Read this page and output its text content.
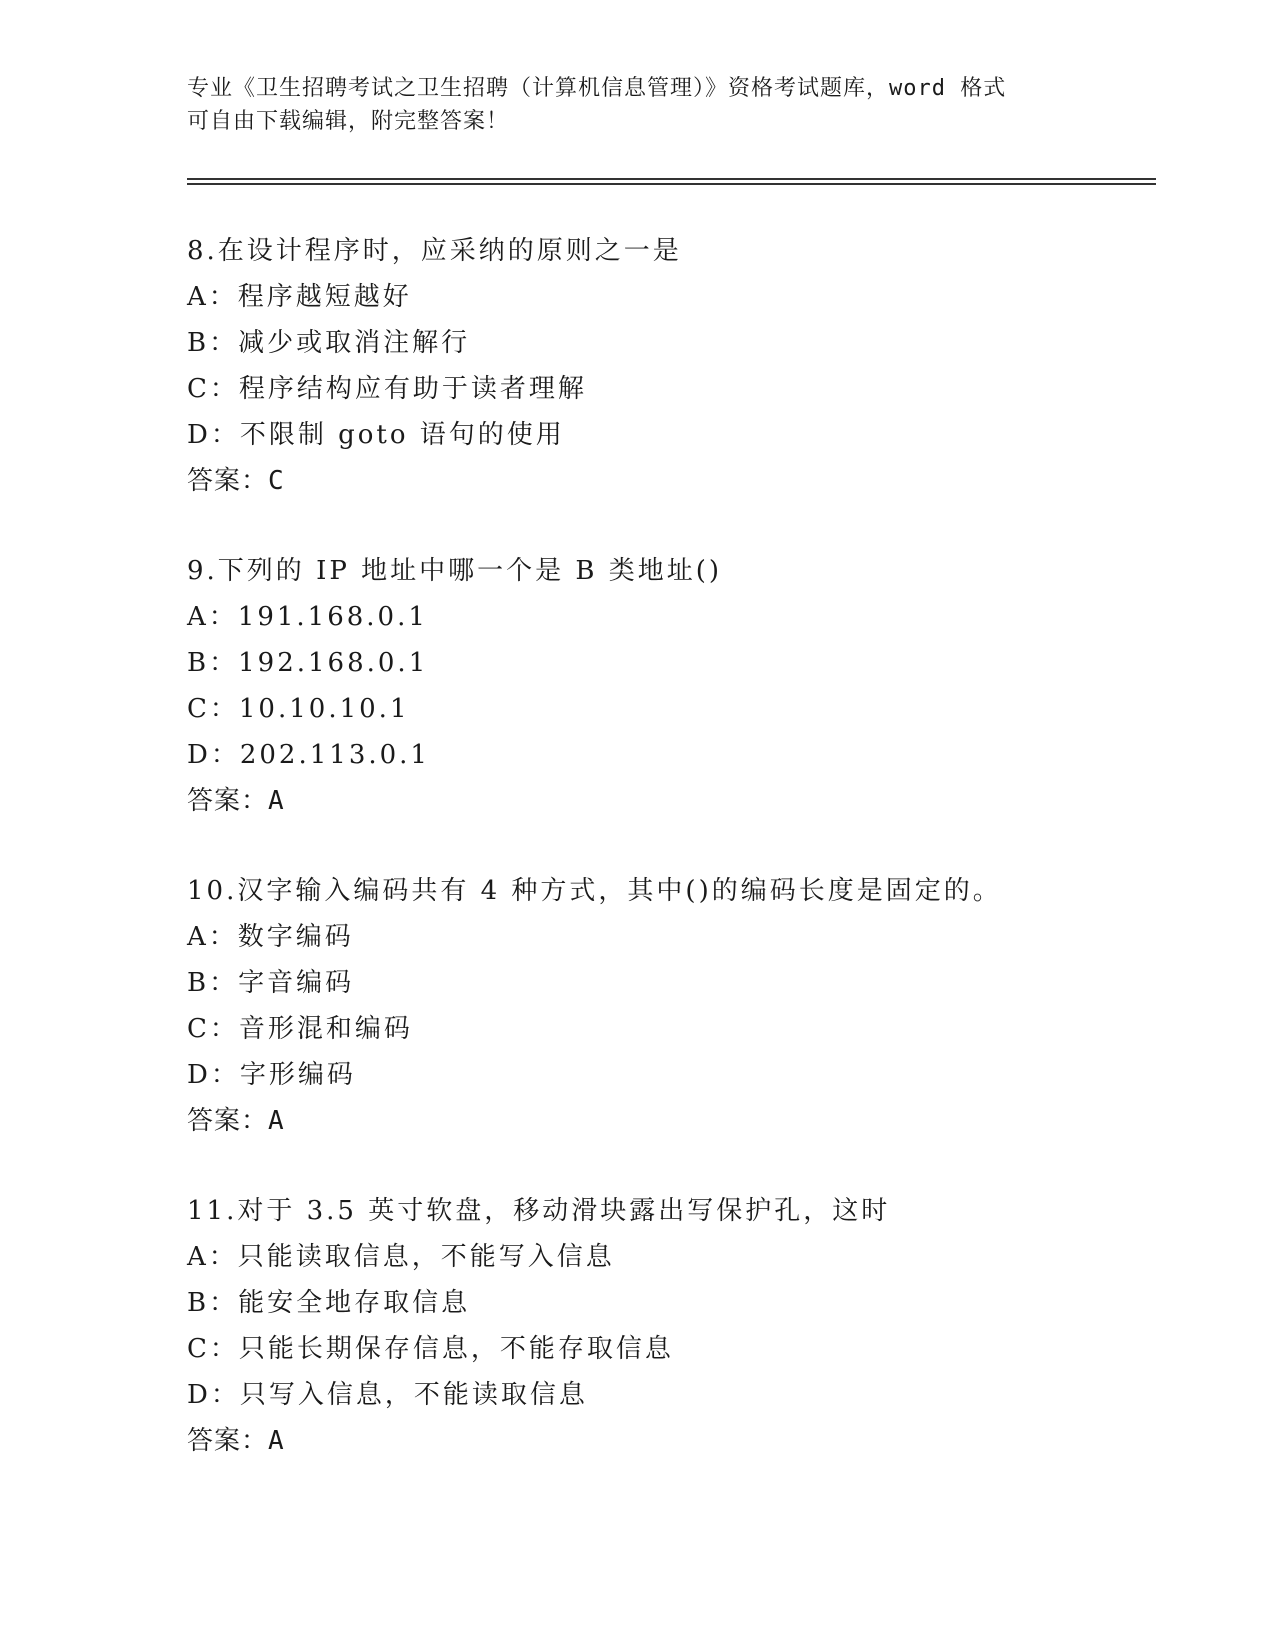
专业《卫生招聘考试之卫生招聘（计算机信息管理）》资格考试题库，word 格式
可自由下载编辑，附完整答案！
8.在设计程序时，应采纳的原则之一是
A：程序越短越好
B：减少或取消注解行
C：程序结构应有助于读者理解
D：不限制 goto 语句的使用
答案：C
9.下列的 IP 地址中哪一个是 B 类地址()
A：191.168.0.1
B：192.168.0.1
C：10.10.10.1
D：202.113.0.1
答案：A
10.汉字输入编码共有 4 种方式，其中()的编码长度是固定的。
A：数字编码
B：字音编码
C：音形混和编码
D：字形编码
答案：A
11.对于 3.5 英寸软盘，移动滑块露出写保护孔，这时
A：只能读取信息，不能写入信息
B：能安全地存取信息
C：只能长期保存信息，不能存取信息
D：只写入信息，不能读取信息
答案：A
